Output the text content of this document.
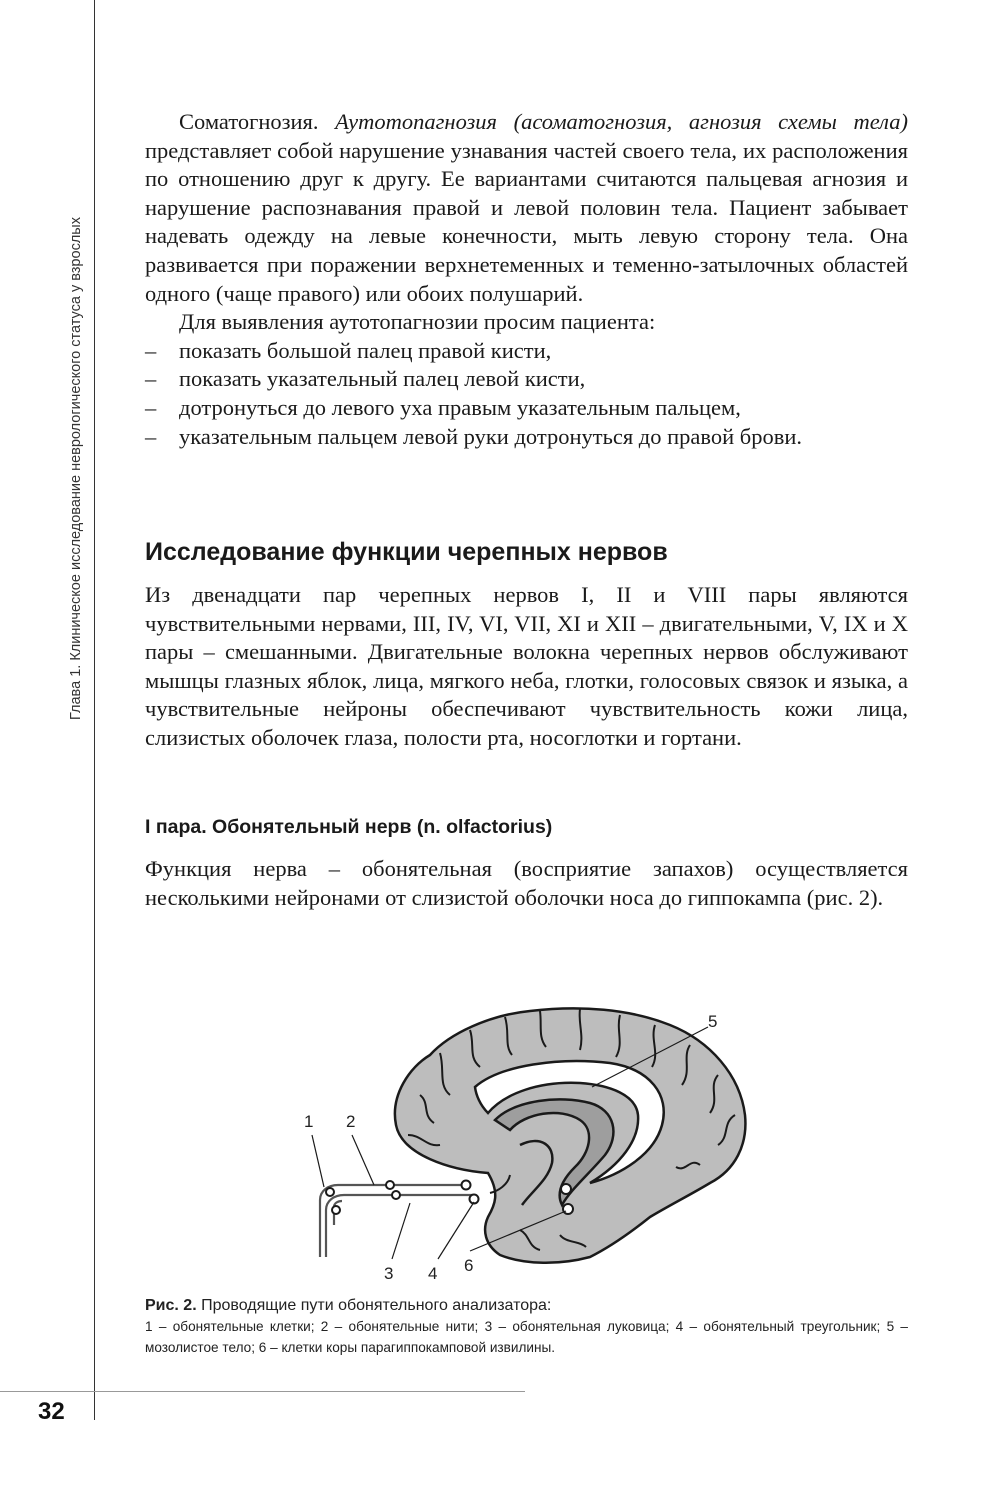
Глава 1. Клиническое исследование неврологического статуса у взрослых

Соматогнозия. Аутотопагнозия (асоматогнозия, агнозия схемы тела) представляет собой нарушение узнавания частей своего тела, их расположения по отношению друг к другу. Ее вариантами считаются пальцевая агнозия и нарушение распознавания правой и левой половин тела. Пациент забывает надевать одежду на левые конечности, мыть левую сторону тела. Она развивается при поражении верхнетеменных и теменно-затылочных областей одного (чаще правого) или обоих полушарий.

Для выявления аутотопагнозии просим пациента:

– показать большой палец правой кисти,
– показать указательный палец левой кисти,
– дотронуться до левого уха правым указательным пальцем,
– указательным пальцем левой руки дотронуться до правой брови.
Исследование функции черепных нервов

Из двенадцати пар черепных нервов I, II и VIII пары являются чувствительными нервами, III, IV, VI, VII, XI и XII – двигательными, V, IX и X пары – смешанными. Двигательные волокна черепных нервов обслуживают мышцы глазных яблок, лица, мягкого неба, глотки, голосовых связок и языка, а чувствительные нейроны обеспечивают чувствительность кожи лица, слизистых оболочек глаза, полости рта, носоглотки и гортани.

I пара. Обонятельный нерв (n. olfactorius)

Функция нерва – обонятельная (восприятие запахов) осуществляется несколькими нейронами от слизистой оболочки носа до гиппокампа (рис. 2).

1 2
3 4
5
6
Рис. 2. Проводящие пути обонятельного анализатора:
1 – обонятельные клетки; 2 – обонятельные нити; 3 – обонятельная луковица; 4 – обонятельный треугольник; 5 – мозолистое тело; 6 – клетки коры парагиппокамповой извилины.
32
